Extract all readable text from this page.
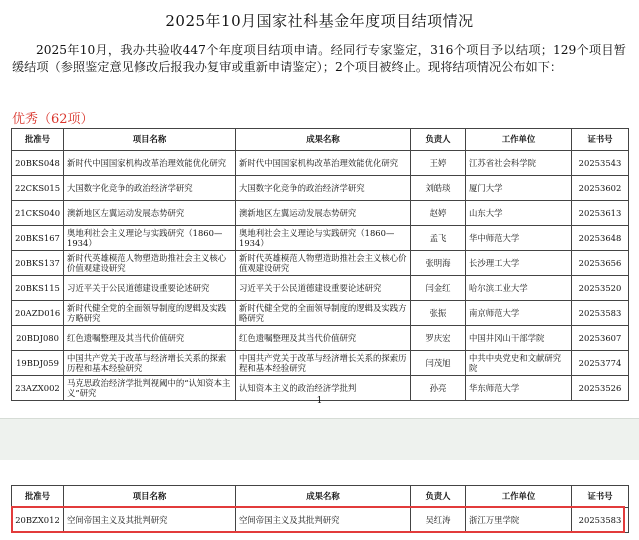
2025年10月国家社科基金年度项目结项情况
2025年10月，我办共验收447个年度项目结项申请。经同行专家鉴定，316个项目予以结项；129个项目暂缓结项（参照鉴定意见修改后报我办复审或重新申请鉴定）；2个项目被终止。现将结项情况公布如下：
优秀（62项）
批准号	项目名称	成果名称	负责人	工作单位	证书号
20BKS048	新时代中国国家机构改革治理效能优化研究	新时代中国国家机构改革治理效能优化研究	王婷	江苏省社会科学院	20253543
22CKS015	大国数字化竞争的政治经济学研究	大国数字化竞争的政治经济学研究	刘皓琰	厦门大学	20253602
21CKS040	澳新地区左翼运动发展态势研究	澳新地区左翼运动发展态势研究	赵婷	山东大学	20253613
20BKS167	奥地利社会主义理论与实践研究（1860—1934）	奥地利社会主义理论与实践研究（1860—1934）	孟飞	华中师范大学	20253648
20BKS137	新时代英雄模范人物塑造助推社会主义核心价值观建设研究	新时代英雄模范人物塑造助推社会主义核心价值观建设研究	张明海	长沙理工大学	20253656
20BKS115	习近平关于公民道德建设重要论述研究	习近平关于公民道德建设重要论述研究	闫金红	哈尔滨工业大学	20253520
20AZD016	新时代健全党的全面领导制度的逻辑及实践方略研究	新时代健全党的全面领导制度的逻辑及实践方略研究	张振	南京师范大学	20253583
20BDJ080	红色遗嘱整理及其当代价值研究	红色遗嘱整理及其当代价值研究	罗庆宏	中国井冈山干部学院	20253607
19BDJ059	中国共产党关于改革与经济增长关系的探索历程和基本经验研究	中国共产党关于改革与经济增长关系的探索历程和基本经验研究	闫茂旭	中共中央党史和文献研究院	20253774
23AZX002	马克思政治经济学批判视阈中的“认知资本主义”研究	认知资本主义的政治经济学批判	孙亮	华东师范大学	20253526
1
批准号	项目名称	成果名称	负责人	工作单位	证书号
20BZX012	空间帝国主义及其批判研究	空间帝国主义及其批判研究	吴红涛	浙江万里学院	20253583
